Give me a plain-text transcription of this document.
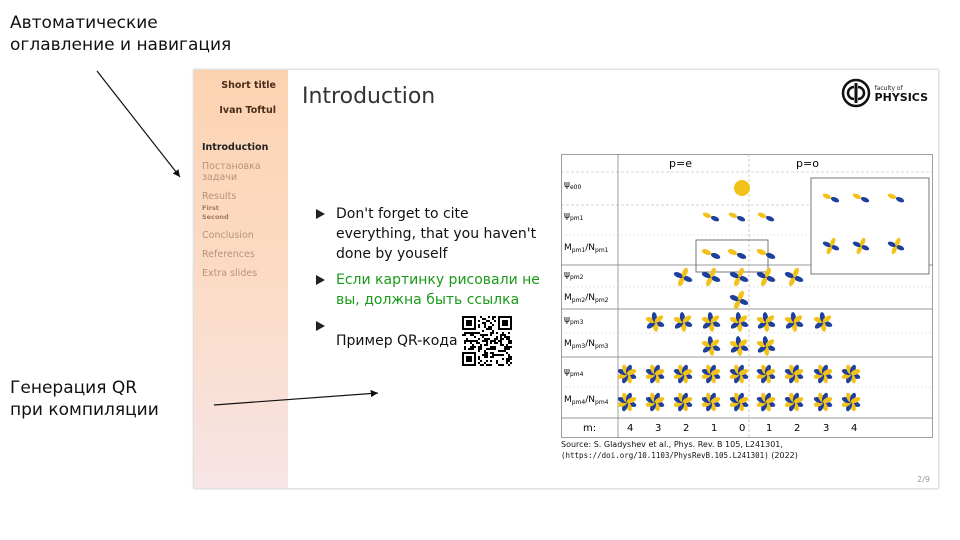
Автоматические
оглавление и навигация
Генерация QR
при компиляции
Short title
Ivan Toftul
Introduction
Постановка задачи
Results
First
Second
Conclusion
References
Extra slides
Introduction	faculty of
PHYSICS
Don't forget to cite everything, that you haven't done by youself
Если картинку рисовали не вы, должна быть ссылка
Пример QR-кода
p=e	p=o
$\psi_{e00}$
$\psi_{pm1}$
$M_{pm1}/N_{pm1}$
$\psi_{pm2}$
$M_{pm2}/N_{pm2}$
$\psi_{pm3}$
$M_{pm3}/N_{pm3}$
$\psi_{pm4}$
$M_{pm4}/N_{pm4}$
m:	4 3 2 1 0 1 2 3 4
Source: S. Gladyshev et al., Phys. Rev. B 105, L241301,
(https://doi.org/10.1103/PhysRevB.105.L241301) (2022)
2/9
